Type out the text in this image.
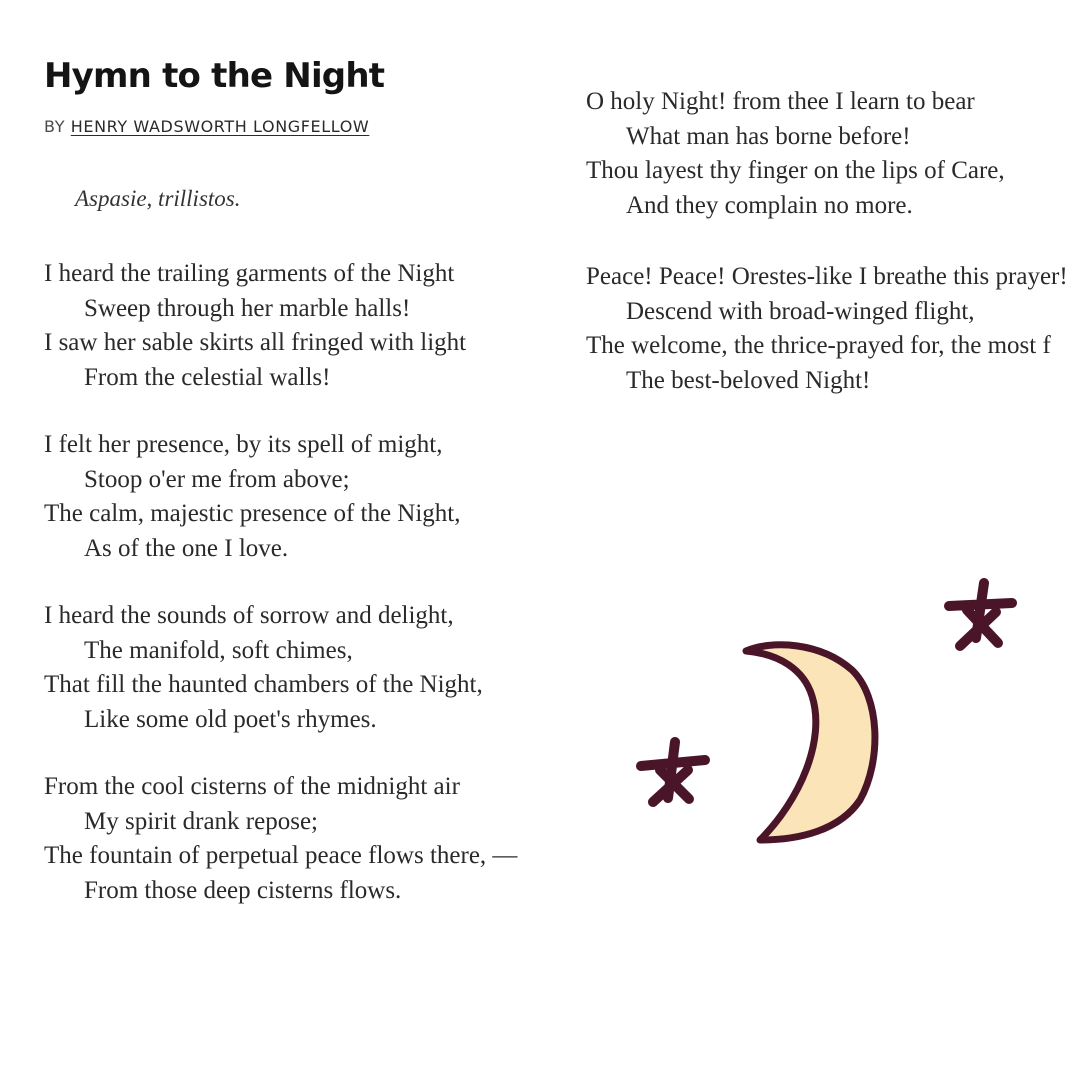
Hymn to the Night
BY HENRY WADSWORTH LONGFELLOW
Aspasie, trillistos.
I heard the trailing garments of the Night
Sweep through her marble halls!
I saw her sable skirts all fringed with light
From the celestial walls!
I felt her presence, by its spell of might,
Stoop o'er me from above;
The calm, majestic presence of the Night,
As of the one I love.
I heard the sounds of sorrow and delight,
The manifold, soft chimes,
That fill the haunted chambers of the Night,
Like some old poet's rhymes.
From the cool cisterns of the midnight air
My spirit drank repose;
The fountain of perpetual peace flows there, —
From those deep cisterns flows.
O holy Night! from thee I learn to bear
What man has borne before!
Thou layest thy finger on the lips of Care,
And they complain no more.
Peace! Peace! Orestes-like I breathe this prayer!
Descend with broad-winged flight,
The welcome, the thrice-prayed for, the most f
The best-beloved Night!
